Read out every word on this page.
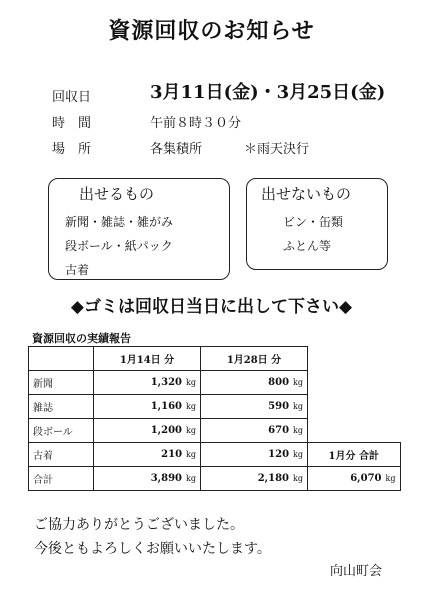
資源回収のお知らせ
回収日	3月11日(金)・3月25日(金)
時　間	午前８時３０分
場　所	各集積所	＊雨天決行
出せるもの
新聞・雑誌・雑がみ
段ボール・紙パック
古着
出せないもの
ビン・缶類
ふとん等
◆ゴミは回収日当日に出して下さい◆
資源回収の実績報告
	1月14日 分	1月28日 分	
新聞	1,320 kg	800 kg	
雑誌	1,160 kg	590 kg	
段ボール	1,200 kg	670 kg	
古着	210 kg	120 kg	1月分 合計
合計	3,890 kg	2,180 kg	6,070 kg
ご協力ありがとうございました。
今後ともよろしくお願いいたします。
向山町会
